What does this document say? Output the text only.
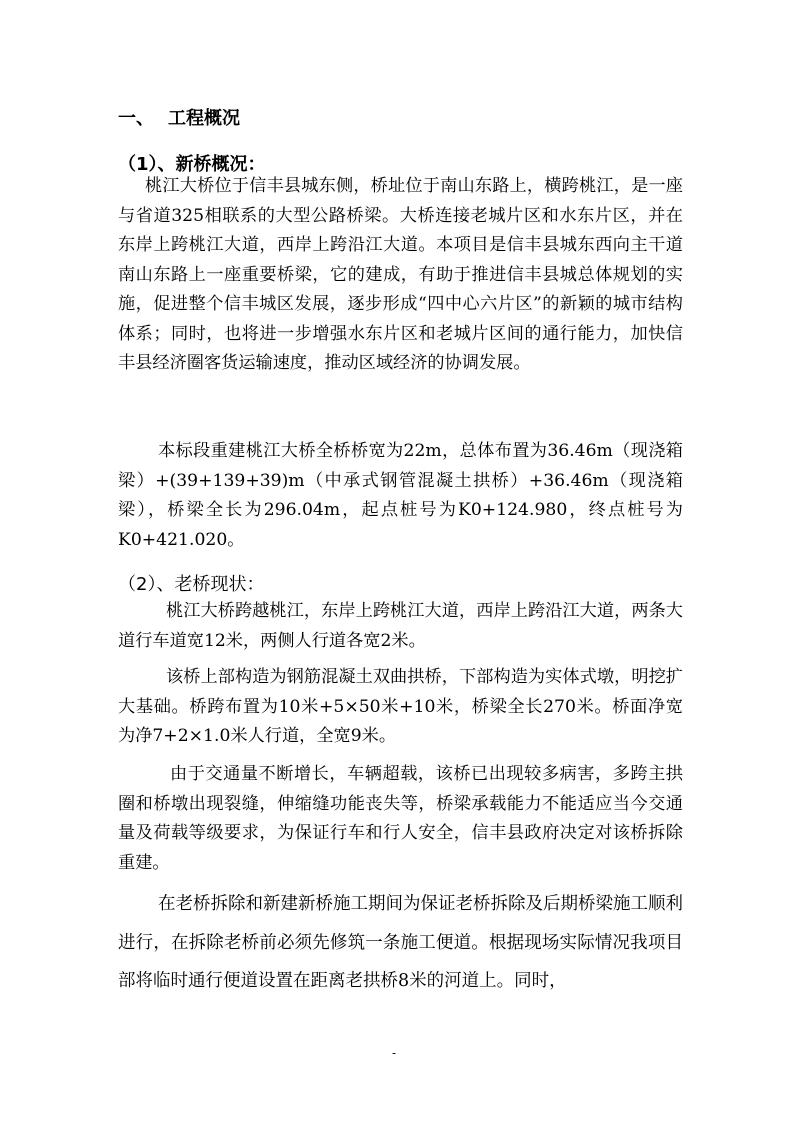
一、 工程概况
（1）、新桥概况：

桃江大桥位于信丰县城东侧，桥址位于南山东路上，横跨桃江，是一座与省道325相联系的大型公路桥梁。大桥连接老城片区和水东片区，并在东岸上跨桃江大道，西岸上跨沿江大道。本项目是信丰县城东西向主干道南山东路上一座重要桥梁，它的建成，有助于推进信丰县城总体规划的实施，促进整个信丰城区发展，逐步形成“四中心六片区”的新颖的城市结构体系；同时，也将进一步增强水东片区和老城片区间的通行能力，加快信丰县经济圈客货运输速度，推动区域经济的协调发展。

本标段重建桃江大桥全桥桥宽为22m，总体布置为36.46m（现浇箱梁）+(39+139+39)m（中承式钢管混凝土拱桥）+36.46m（现浇箱梁），桥梁全长为296.04m，起点桩号为K0+124.980，终点桩号为K0+421.020。

（2）、老桥现状：

桃江大桥跨越桃江，东岸上跨桃江大道，西岸上跨沿江大道，两条大道行车道宽12米，两侧人行道各宽2米。

该桥上部构造为钢筋混凝土双曲拱桥，下部构造为实体式墩，明挖扩大基础。桥跨布置为10米+5×50米+10米，桥梁全长270米。桥面净宽为净7+2×1.0米人行道，全宽9米。

由于交通量不断增长，车辆超载，该桥已出现较多病害，多跨主拱圈和桥墩出现裂缝，伸缩缝功能丧失等，桥梁承载能力不能适应当今交通量及荷载等级要求，为保证行车和行人安全，信丰县政府决定对该桥拆除重建。

在老桥拆除和新建新桥施工期间为保证老桥拆除及后期桥梁施工顺利进行，在拆除老桥前必须先修筑一条施工便道。根据现场实际情况我项目部将临时通行便道设置在距离老拱桥8米的河道上。同时，

-
